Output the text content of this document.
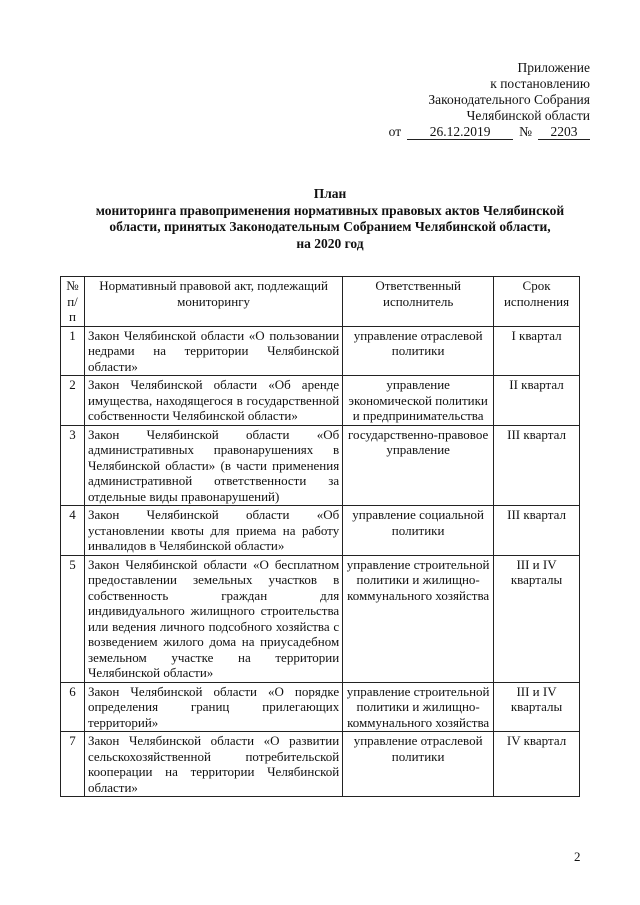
Приложение
к постановлению
Законодательного Собрания
Челябинской области
от	26.12.2019	№	2203
План
мониторинга правоприменения нормативных правовых актов Челябинской
области, принятых Законодательным Собранием Челябинской области,
на 2020 год
№ п/п	Нормативный правовой акт, подлежащий мониторингу	Ответственный исполнитель	Срок исполнения
1	Закон Челябинской области «О пользовании недрами на территории Челябинской области»	управление отраслевой политики	I квартал
2	Закон Челябинской области «Об аренде имущества, находящегося в государственной собственности Челябинской области»	управление экономической политики и предпринимательства	II квартал
3	Закон Челябинской области «Об административных правонарушениях в Челябинской области» (в части применения административной ответственности за отдельные виды правонарушений)	государственно-правовое управление	III квартал
4	Закон Челябинской области «Об установлении квоты для приема на работу инвалидов в Челябинской области»	управление социальной политики	III квартал
5	Закон Челябинской области «О бесплатном предоставлении земельных участков в собственность граждан для индивидуального жилищного строительства или ведения личного подсобного хозяйства с возведением жилого дома на приусадебном земельном участке на территории Челябинской области»	управление строительной политики и жилищно-коммунального хозяйства	III и IV кварталы
6	Закон Челябинской области «О порядке определения границ прилегающих территорий»	управление строительной политики и жилищно-коммунального хозяйства	III и IV кварталы
7	Закон Челябинской области «О развитии сельскохозяйственной потребительской кооперации на территории Челябинской области»	управление отраслевой политики	IV квартал
2
